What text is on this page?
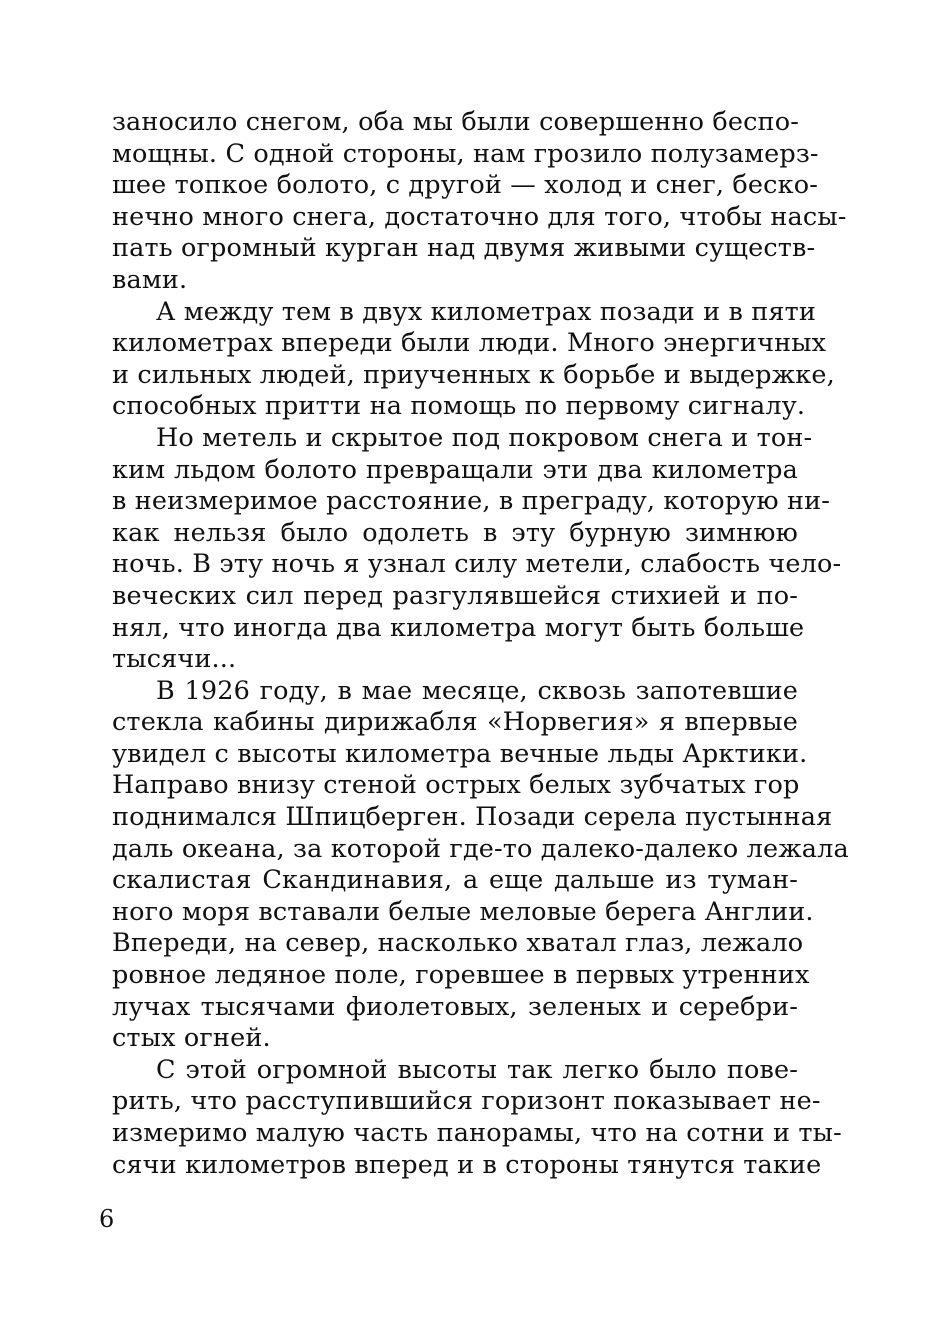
заносило снегом, оба мы были совершенно беспо-
мощны. С одной стороны, нам грозило полузамерз-
шее топкое болото, с другой — холод и снег, беско-
нечно много снега, достаточно для того, чтобы насы-
пать огромный курган над двумя живыми существ-
вами.
А между тем в двух километрах позади и в пяти
километрах впереди были люди. Много энергичных
и сильных людей, приученных к борьбе и выдержке,
способных притти на помощь по первому сигналу.
Но метель и скрытое под покровом снега и тон-
ким льдом болото превращали эти два километра
в неизмеримое расстояние, в преграду, которую ни-
как нельзя было одолеть в эту бурную зимнюю
ночь. В эту ночь я узнал силу метели, слабость чело-
веческих сил перед разгулявшейся стихией и по-
нял, что иногда два километра могут быть больше
тысячи...
В 1926 году, в мае месяце, сквозь запотевшие
стекла кабины дирижабля «Норвегия» я впервые
увидел с высоты километра вечные льды Арктики.
Направо внизу стеной острых белых зубчатых гор
поднимался Шпицберген. Позади серела пустынная
даль океана, за которой где-то далеко-далеко лежала
скалистая Скандинавия, а еще дальше из туман-
ного моря вставали белые меловые берега Англии.
Впереди, на север, насколько хватал глаз, лежало
ровное ледяное поле, горевшее в первых утренних
лучах тысячами фиолетовых, зеленых и серебри-
стых огней.
С этой огромной высоты так легко было пове-
рить, что расступившийся горизонт показывает не-
измеримо малую часть панорамы, что на сотни и ты-
сячи километров вперед и в стороны тянутся такие
6
